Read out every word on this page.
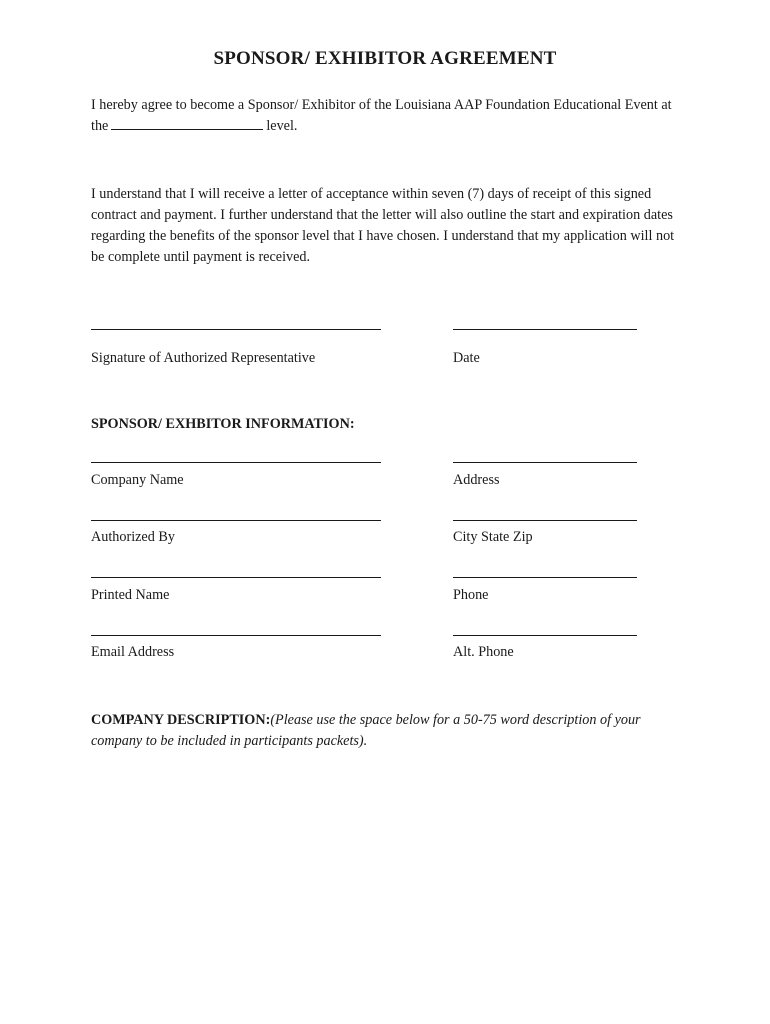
SPONSOR/ EXHIBITOR AGREEMENT
I hereby agree to become a Sponsor/ Exhibitor of the Louisiana AAP Foundation Educational Event at the	level.
I understand that I will receive a letter of acceptance within seven (7) days of receipt of this signed contract and payment. I further understand that the letter will also outline the start and expiration dates regarding the benefits of the sponsor level that I have chosen. I understand that my application will not be complete until payment is received.
Signature of Authorized Representative	Date
SPONSOR/ EXHBITOR INFORMATION:
Company Name	Address
Authorized By	City State Zip
Printed Name	Phone
Email Address	Alt. Phone
COMPANY DESCRIPTION:(Please use the space below for a 50-75 word description of your company to be included in participants packets).
